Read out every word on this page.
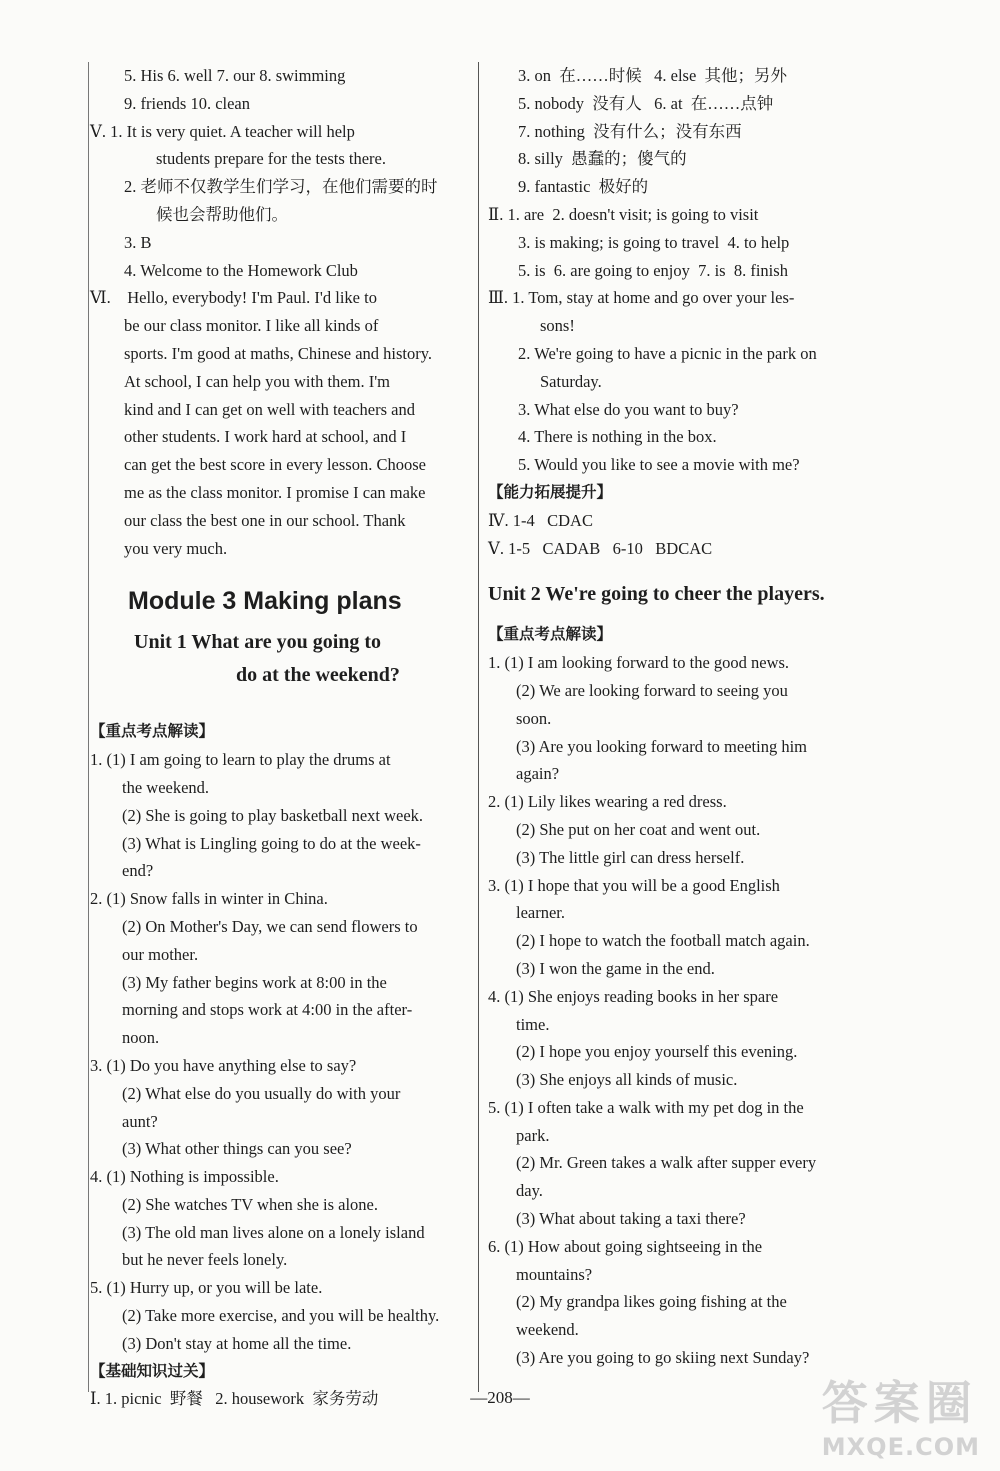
5. His 6. well 7. our 8. swimming
9. friends 10. clean
Ⅴ. 1. It is very quiet. A teacher will help
students prepare for the tests there.
2. 老师不仅教学生们学习，在他们需要的时
候也会帮助他们。
3. B
4. Welcome to the Homework Club
Ⅵ.    Hello, everybody! I'm Paul. I'd like to
be our class monitor. I like all kinds of
sports. I'm good at maths, Chinese and history.
At school, I can help you with them. I'm
kind and I can get on well with teachers and
other students. I work hard at school, and I
can get the best score in every lesson. Choose
me as the class monitor. I promise I can make
our class the best one in our school. Thank
you very much.
Module 3 Making plans
Unit 1 What are you going to
do at the weekend?
【重点考点解读】
1. (1) I am going to learn to play the drums at
the weekend.
(2) She is going to play basketball next week.
(3) What is Lingling going to do at the week-
end?
2. (1) Snow falls in winter in China.
(2) On Mother's Day, we can send flowers to
our mother.
(3) My father begins work at 8:00 in the
morning and stops work at 4:00 in the after-
noon.
3. (1) Do you have anything else to say?
(2) What else do you usually do with your
aunt?
(3) What other things can you see?
4. (1) Nothing is impossible.
(2) She watches TV when she is alone.
(3) The old man lives alone on a lonely island
but he never feels lonely.
5. (1) Hurry up, or you will be late.
(2) Take more exercise, and you will be healthy.
(3) Don't stay at home all the time.
【基础知识过关】
Ⅰ. 1. picnic  野餐   2. housework  家务劳动
3. on  在……时候   4. else  其他；另外
5. nobody  没有人   6. at  在……点钟
7. nothing  没有什么；没有东西
8. silly  愚蠢的；傻气的
9. fantastic  极好的
Ⅱ. 1. are  2. doesn't visit; is going to visit
3. is making; is going to travel  4. to help
5. is  6. are going to enjoy  7. is  8. finish
Ⅲ. 1. Tom, stay at home and go over your les-
sons!
2. We're going to have a picnic in the park on
Saturday.
3. What else do you want to buy?
4. There is nothing in the box.
5. Would you like to see a movie with me?
【能力拓展提升】
Ⅳ. 1-4   CDAC
Ⅴ. 1-5   CADAB   6-10   BDCAC
Unit 2 We're going to cheer the players.
【重点考点解读】
1. (1) I am looking forward to the good news.
(2) We are looking forward to seeing you
soon.
(3) Are you looking forward to meeting him
again?
2. (1) Lily likes wearing a red dress.
(2) She put on her coat and went out.
(3) The little girl can dress herself.
3. (1) I hope that you will be a good English
learner.
(2) I hope to watch the football match again.
(3) I won the game in the end.
4. (1) She enjoys reading books in her spare
time.
(2) I hope you enjoy yourself this evening.
(3) She enjoys all kinds of music.
5. (1) I often take a walk with my pet dog in the
park.
(2) Mr. Green takes a walk after supper every
day.
(3) What about taking a taxi there?
6. (1) How about going sightseeing in the
mountains?
(2) My grandpa likes going fishing at the
weekend.
(3) Are you going to go skiing next Sunday?
—208—	答案圈
MXQE.COM
